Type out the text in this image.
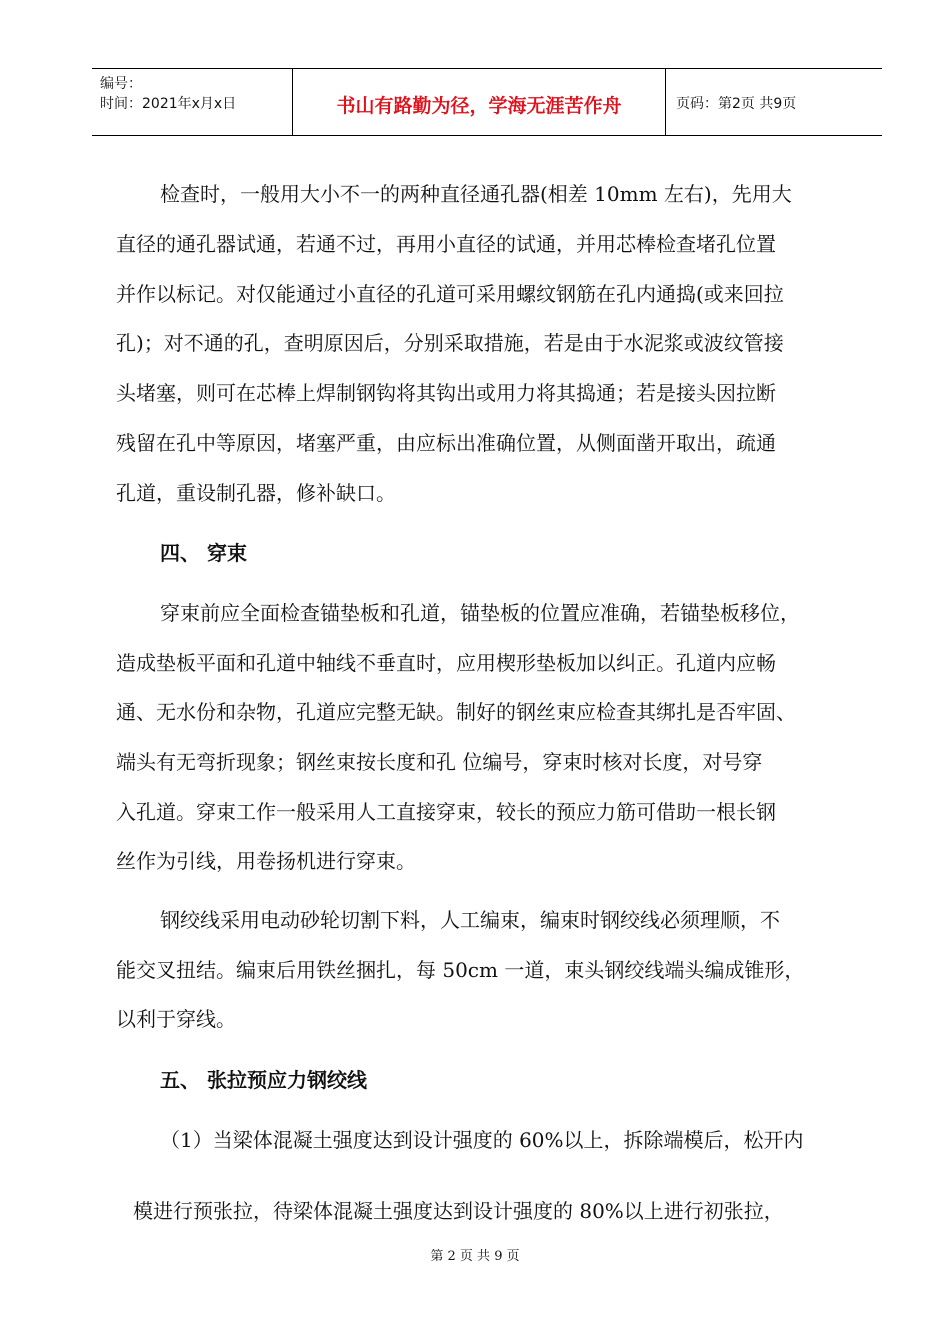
编号：
时间：2021年x月x日	书山有路勤为径，学海无涯苦作舟	页码：第2页 共9页
检查时，一般用大小不一的两种直径通孔器(相差 10mm 左右)，先用大
直径的通孔器试通，若通不过，再用小直径的试通，并用芯棒检查堵孔位置
并作以标记。对仅能通过小直径的孔道可采用螺纹钢筋在孔内通捣(或来回拉
孔)；对不通的孔，查明原因后，分别采取措施，若是由于水泥浆或波纹管接
头堵塞，则可在芯棒上焊制钢钩将其钩出或用力将其捣通；若是接头因拉断
残留在孔中等原因，堵塞严重，由应标出准确位置，从侧面凿开取出，疏通
孔道，重设制孔器，修补缺口。
四、 穿束
穿束前应全面检查锚垫板和孔道，锚垫板的位置应准确，若锚垫板移位，
造成垫板平面和孔道中轴线不垂直时，应用楔形垫板加以纠正。孔道内应畅
通、无水份和杂物，孔道应完整无缺。制好的钢丝束应检查其绑扎是否牢固、
端头有无弯折现象；钢丝束按长度和孔 位编号，穿束时核对长度，对号穿
入孔道。穿束工作一般采用人工直接穿束，较长的预应力筋可借助一根长钢
丝作为引线，用卷扬机进行穿束。
钢绞线采用电动砂轮切割下料，人工编束，编束时钢绞线必须理顺，不
能交叉扭结。编束后用铁丝捆扎，每 50cm 一道，束头钢绞线端头编成锥形，
以利于穿线。
五、 张拉预应力钢绞线
（1）当梁体混凝土强度达到设计强度的 60%以上，拆除端模后，松开内
模进行预张拉，待梁体混凝土强度达到设计强度的 80%以上进行初张拉，
第 2 页 共 9 页
